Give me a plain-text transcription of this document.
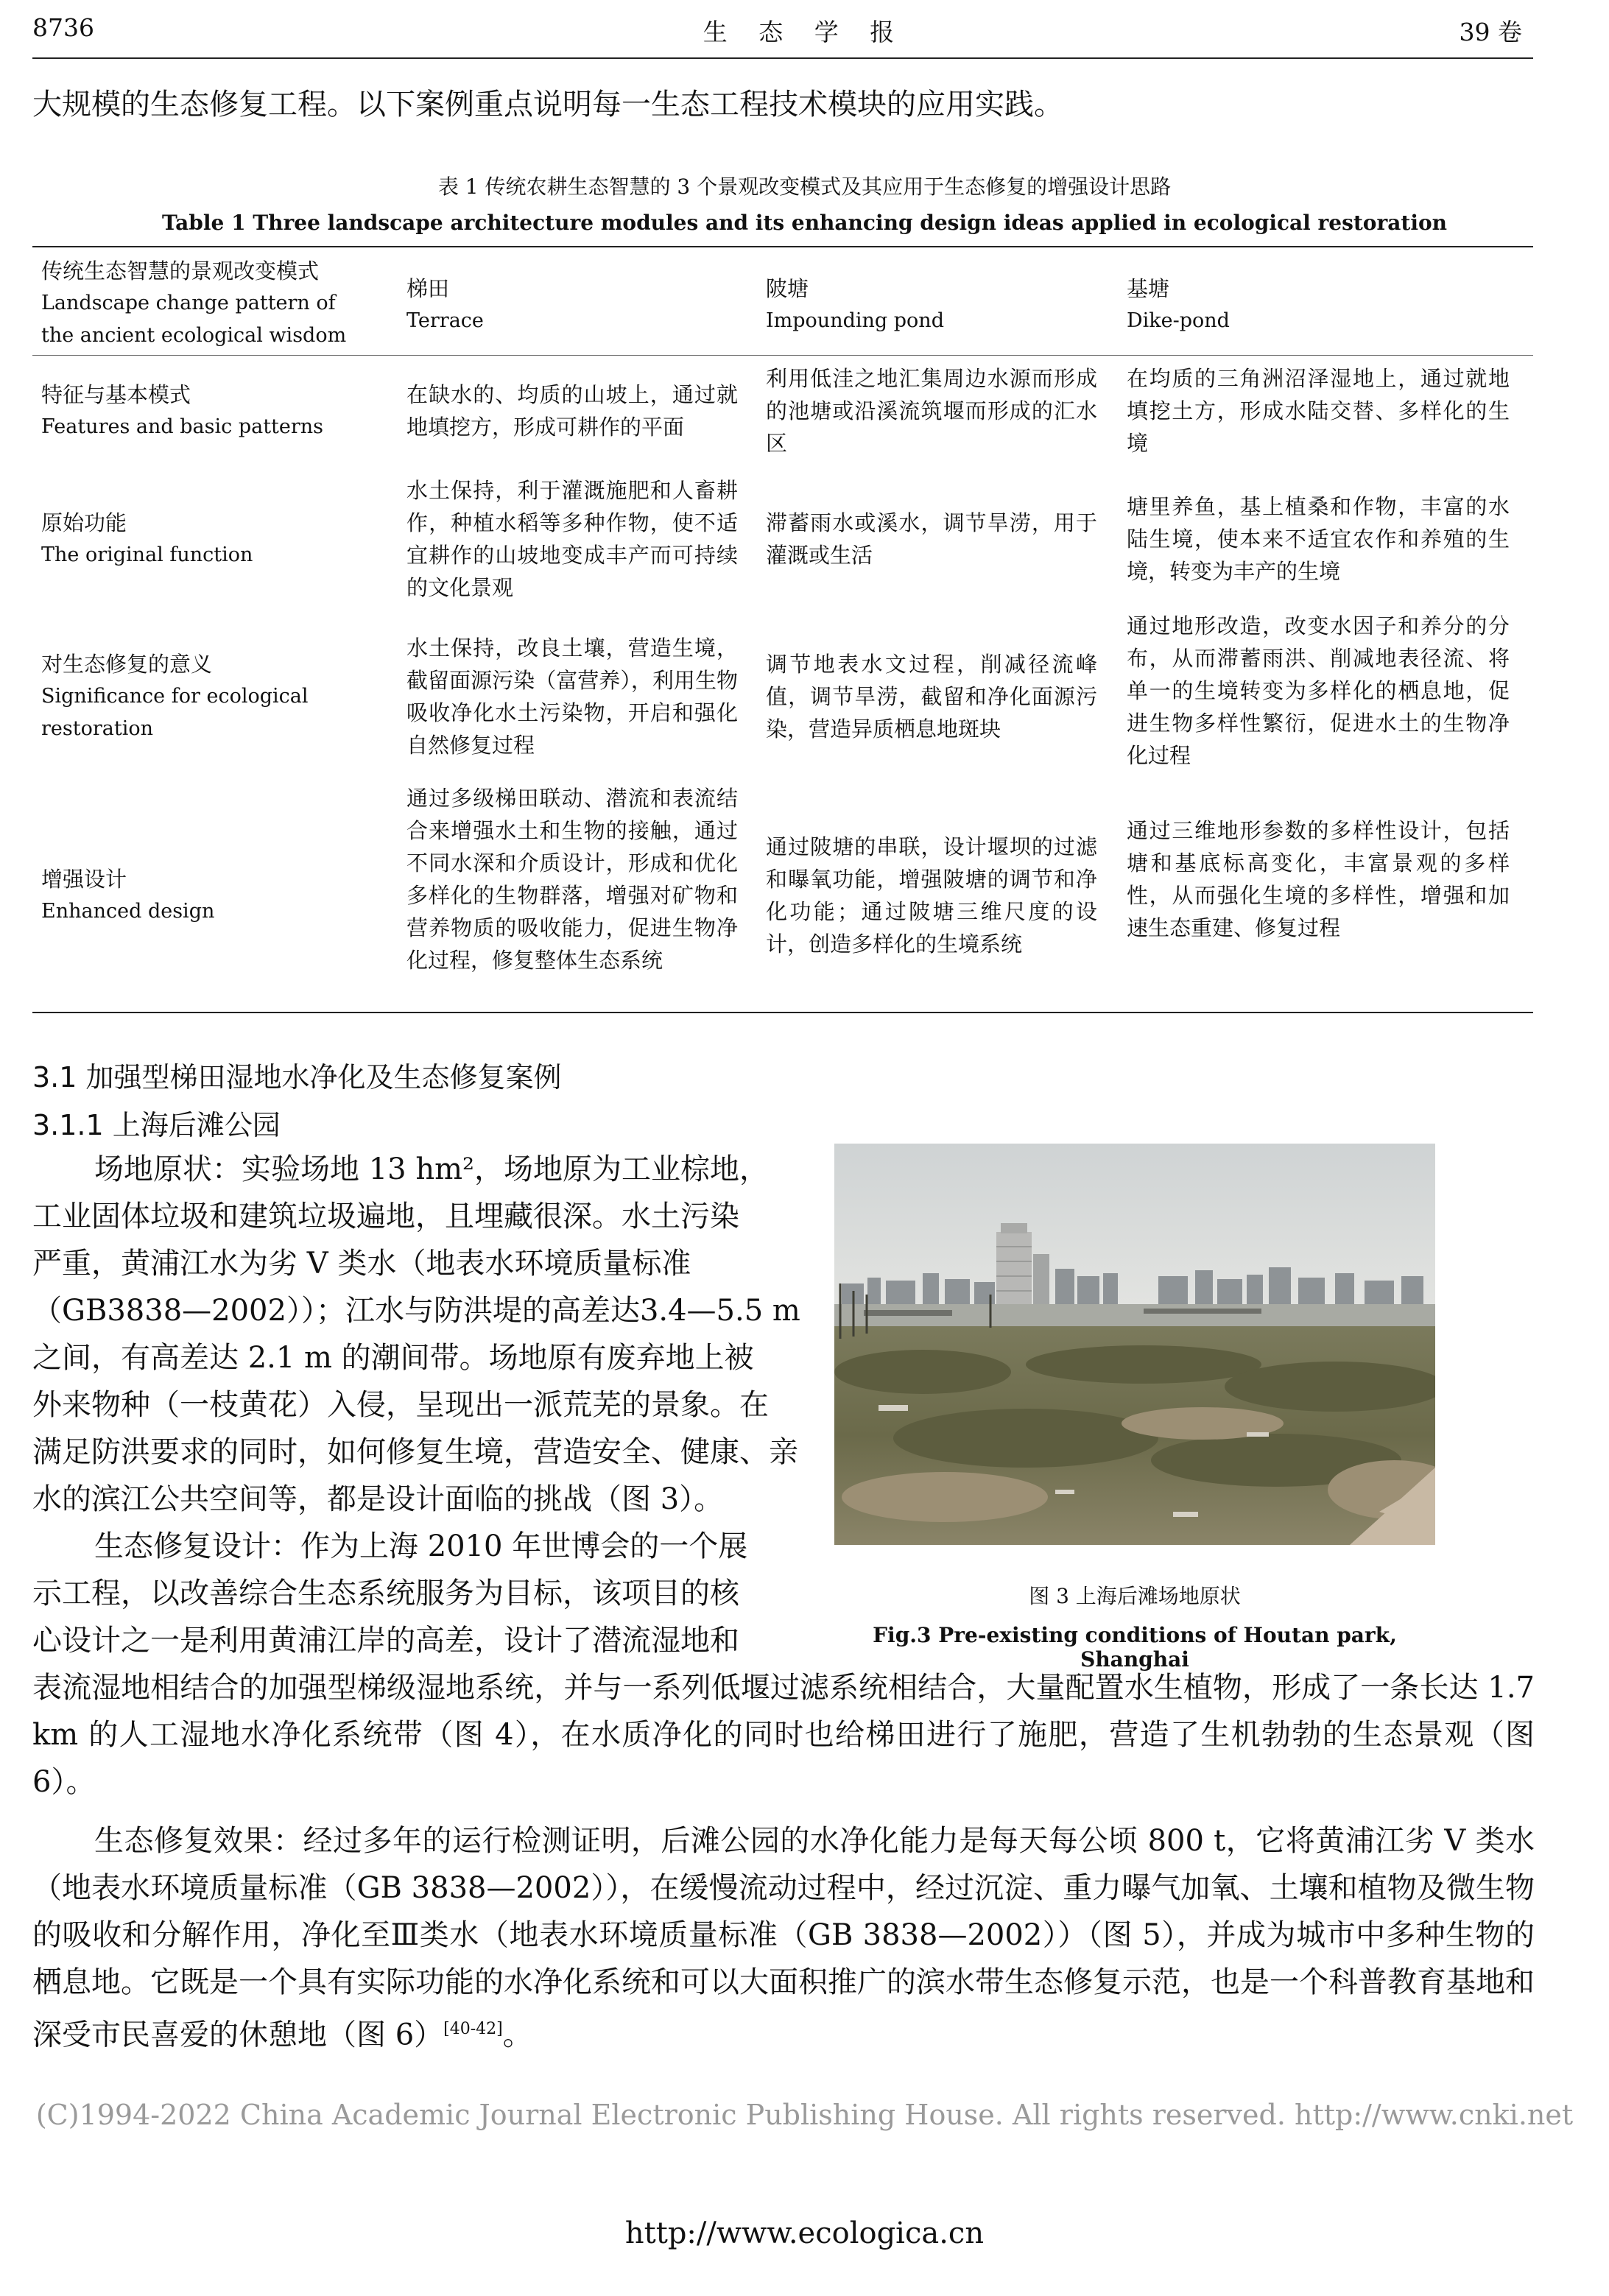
8736	生 态 学 报	39 卷

大规模的生态修复工程。以下案例重点说明每一生态工程技术模块的应用实践。

表 1 传统农耕生态智慧的 3 个景观改变模式及其应用于生态修复的增强设计思路
Table 1 Three landscape architecture modules and its enhancing design ideas applied in ecological restoration
传统生态智慧的景观改变模式
Landscape change pattern of the ancient ecological wisdom
梯田
Terrace
陂塘
Impounding pond
基塘
Dike-pond
特征与基本模式
Features and basic patterns
在缺水的、均质的山坡上，通过就地填挖方，形成可耕作的平面
利用低洼之地汇集周边水源而形成的池塘或沿溪流筑堰而形成的汇水区
在均质的三角洲沼泽湿地上，通过就地填挖土方，形成水陆交替、多样化的生境
原始功能
The original function
水土保持，利于灌溉施肥和人畜耕作，种植水稻等多种作物，使不适宜耕作的山坡地变成丰产而可持续的文化景观
滞蓄雨水或溪水，调节旱涝，用于灌溉或生活
塘里养鱼，基上植桑和作物，丰富的水陆生境，使本来不适宜农作和养殖的生境，转变为丰产的生境
对生态修复的意义
Significance for ecological restoration
水土保持，改良土壤，营造生境，截留面源污染（富营养），利用生物吸收净化水土污染物，开启和强化自然修复过程
调节地表水文过程，削减径流峰值，调节旱涝，截留和净化面源污染，营造异质栖息地斑块
通过地形改造，改变水因子和养分的分布，从而滞蓄雨洪、削减地表径流、将单一的生境转变为多样化的栖息地，促进生物多样性繁衍，促进水土的生物净化过程
增强设计
Enhanced design
通过多级梯田联动、潜流和表流结合来增强水土和生物的接触，通过不同水深和介质设计，形成和优化多样化的生物群落，增强对矿物和营养物质的吸收能力，促进生物净化过程，修复整体生态系统
通过陂塘的串联，设计堰坝的过滤和曝氧功能，增强陂塘的调节和净化功能；通过陂塘三维尺度的设计，创造多样化的生境系统
通过三维地形参数的多样性设计，包括塘和基底标高变化，丰富景观的多样性，从而强化生境的多样性，增强和加速生态重建、修复过程
3.1 加强型梯田湿地水净化及生态修复案例
3.1.1 上海后滩公园

场地原状：实验场地 13 hm²，场地原为工业棕地，

工业固体垃圾和建筑垃圾遍地，且埋藏很深。水土污染

严重，黄浦江水为劣 V 类水（地表水环境质量标准

（GB3838—2002））；江水与防洪堤的高差达3.4—5.5 m

之间，有高差达 2.1 m 的潮间带。场地原有废弃地上被

外来物种（一枝黄花）入侵，呈现出一派荒芜的景象。在

满足防洪要求的同时，如何修复生境，营造安全、健康、亲

水的滨江公共空间等，都是设计面临的挑战（图 3）。

生态修复设计：作为上海 2010 年世博会的一个展

示工程，以改善综合生态系统服务为目标，该项目的核

心设计之一是利用黄浦江岸的高差，设计了潜流湿地和

图 3 上海后滩场地原状
Fig.3 Pre-existing conditions of Houtan park, Shanghai

表流湿地相结合的加强型梯级湿地系统，并与一系列低堰过滤系统相结合，大量配置水生植物，形成了一条长达 1.7 km 的人工湿地水净化系统带（图 4），在水质净化的同时也给梯田进行了施肥，营造了生机勃勃的生态景观（图 6）。

生态修复效果：经过多年的运行检测证明，后滩公园的水净化能力是每天每公顷 800 t，它将黄浦江劣 V 类水（地表水环境质量标准（GB 3838—2002）），在缓慢流动过程中，经过沉淀、重力曝气加氧、土壤和植物及微生物的吸收和分解作用，净化至Ⅲ类水（地表水环境质量标准（GB 3838—2002））（图 5），并成为城市中多种生物的栖息地。它既是一个具有实际功能的水净化系统和可以大面积推广的滨水带生态修复示范，也是一个科普教育基地和深受市民喜爱的休憩地（图 6）[40-42]。

(C)1994-2022 China Academic Journal Electronic Publishing House. All rights reserved. http://www.cnki.net
http://www.ecologica.cn
